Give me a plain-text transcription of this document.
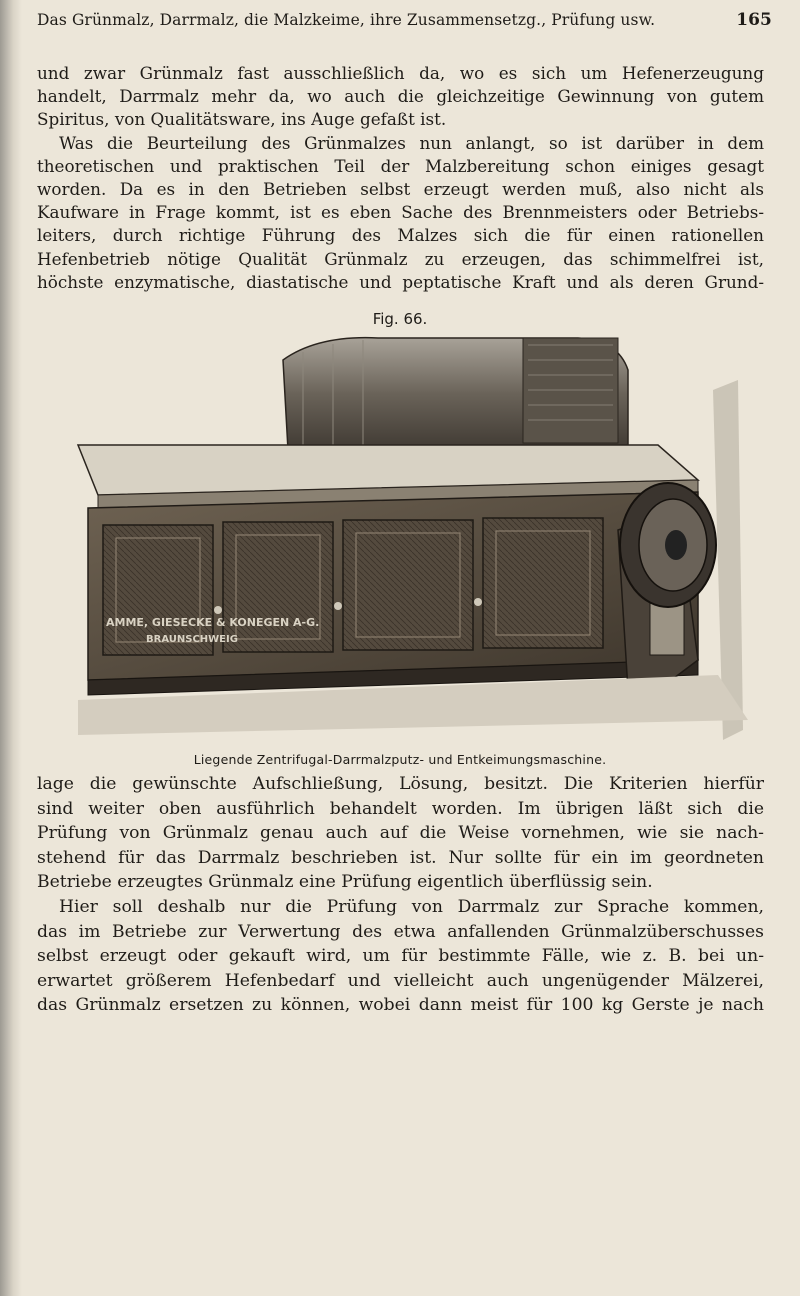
Das Grünmalz, Darrmalz, die Malzkeime, ihre Zusammensetzg., Prüfung usw.	165
und zwar Grünmalz fast ausschließlich da, wo es sich um Hefenerzeugung
handelt, Darrmalz mehr da, wo auch die gleichzeitige Gewinnung von gutem
Spiritus, von Qualitätsware, ins Auge gefaßt ist.
Was die Beurteilung des Grünmalzes nun anlangt, so ist darüber in dem
theoretischen und praktischen Teil der Malzbereitung schon einiges gesagt
worden. Da es in den Betrieben selbst erzeugt werden muß, also nicht als
Kaufware in Frage kommt, ist es eben Sache des Brennmeisters oder Betriebs-
leiters, durch richtige Führung des Malzes sich die für einen rationellen
Hefenbetrieb nötige Qualität Grünmalz zu erzeugen, das schimmelfrei ist,
höchste enzymatische, diastatische und peptatische Kraft und als deren Grund-
Fig. 66.
AMME, GIESECKE & KONEGEN A-G.
BRAUNSCHWEIG
Liegende Zentrifugal-Darrmalzputz- und Entkeimungsmaschine.
lage die gewünschte Aufschließung, Lösung, besitzt. Die Kriterien hierfür
sind weiter oben ausführlich behandelt worden. Im übrigen läßt sich die
Prüfung von Grünmalz genau auch auf die Weise vornehmen, wie sie nach-
stehend für das Darrmalz beschrieben ist. Nur sollte für ein im geordneten
Betriebe erzeugtes Grünmalz eine Prüfung eigentlich überflüssig sein.
Hier soll deshalb nur die Prüfung von Darrmalz zur Sprache kommen,
das im Betriebe zur Verwertung des etwa anfallenden Grünmalzüberschusses
selbst erzeugt oder gekauft wird, um für bestimmte Fälle, wie z. B. bei un-
erwartet größerem Hefenbedarf und vielleicht auch ungenügender Mälzerei,
das Grünmalz ersetzen zu können, wobei dann meist für 100 kg Gerste je nach
